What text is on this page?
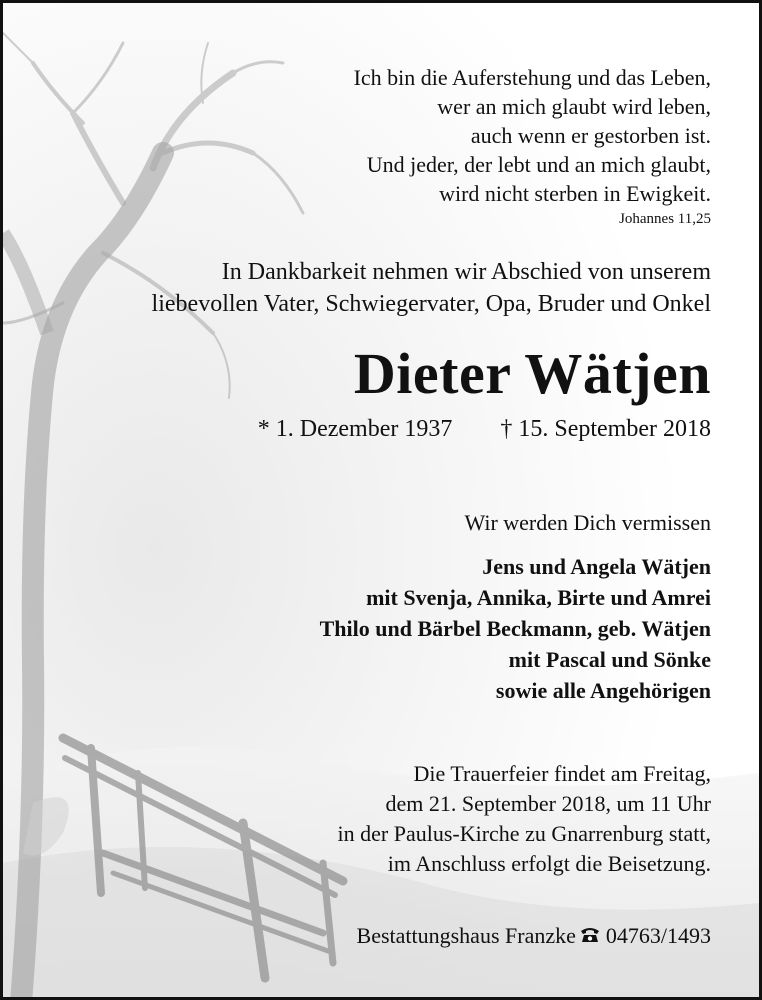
Ich bin die Auferstehung und das Leben,
wer an mich glaubt wird leben,
auch wenn er gestorben ist.
Und jeder, der lebt und an mich glaubt,
wird nicht sterben in Ewigkeit.
Johannes 11,25
In Dankbarkeit nehmen wir Abschied von unserem
liebevollen Vater, Schwiegervater, Opa, Bruder und Onkel
Dieter Wätjen
* 1. Dezember 1937 † 15. September 2018
Wir werden Dich vermissen
Jens und Angela Wätjen
mit Svenja, Annika, Birte und Amrei
Thilo und Bärbel Beckmann, geb. Wätjen
mit Pascal und Sönke
sowie alle Angehörigen
Die Trauerfeier findet am Freitag,
dem 21. September 2018, um 11 Uhr
in der Paulus-Kirche zu Gnarrenburg statt,
im Anschluss erfolgt die Beisetzung.
Bestattungshaus Franzke 04763/1493
